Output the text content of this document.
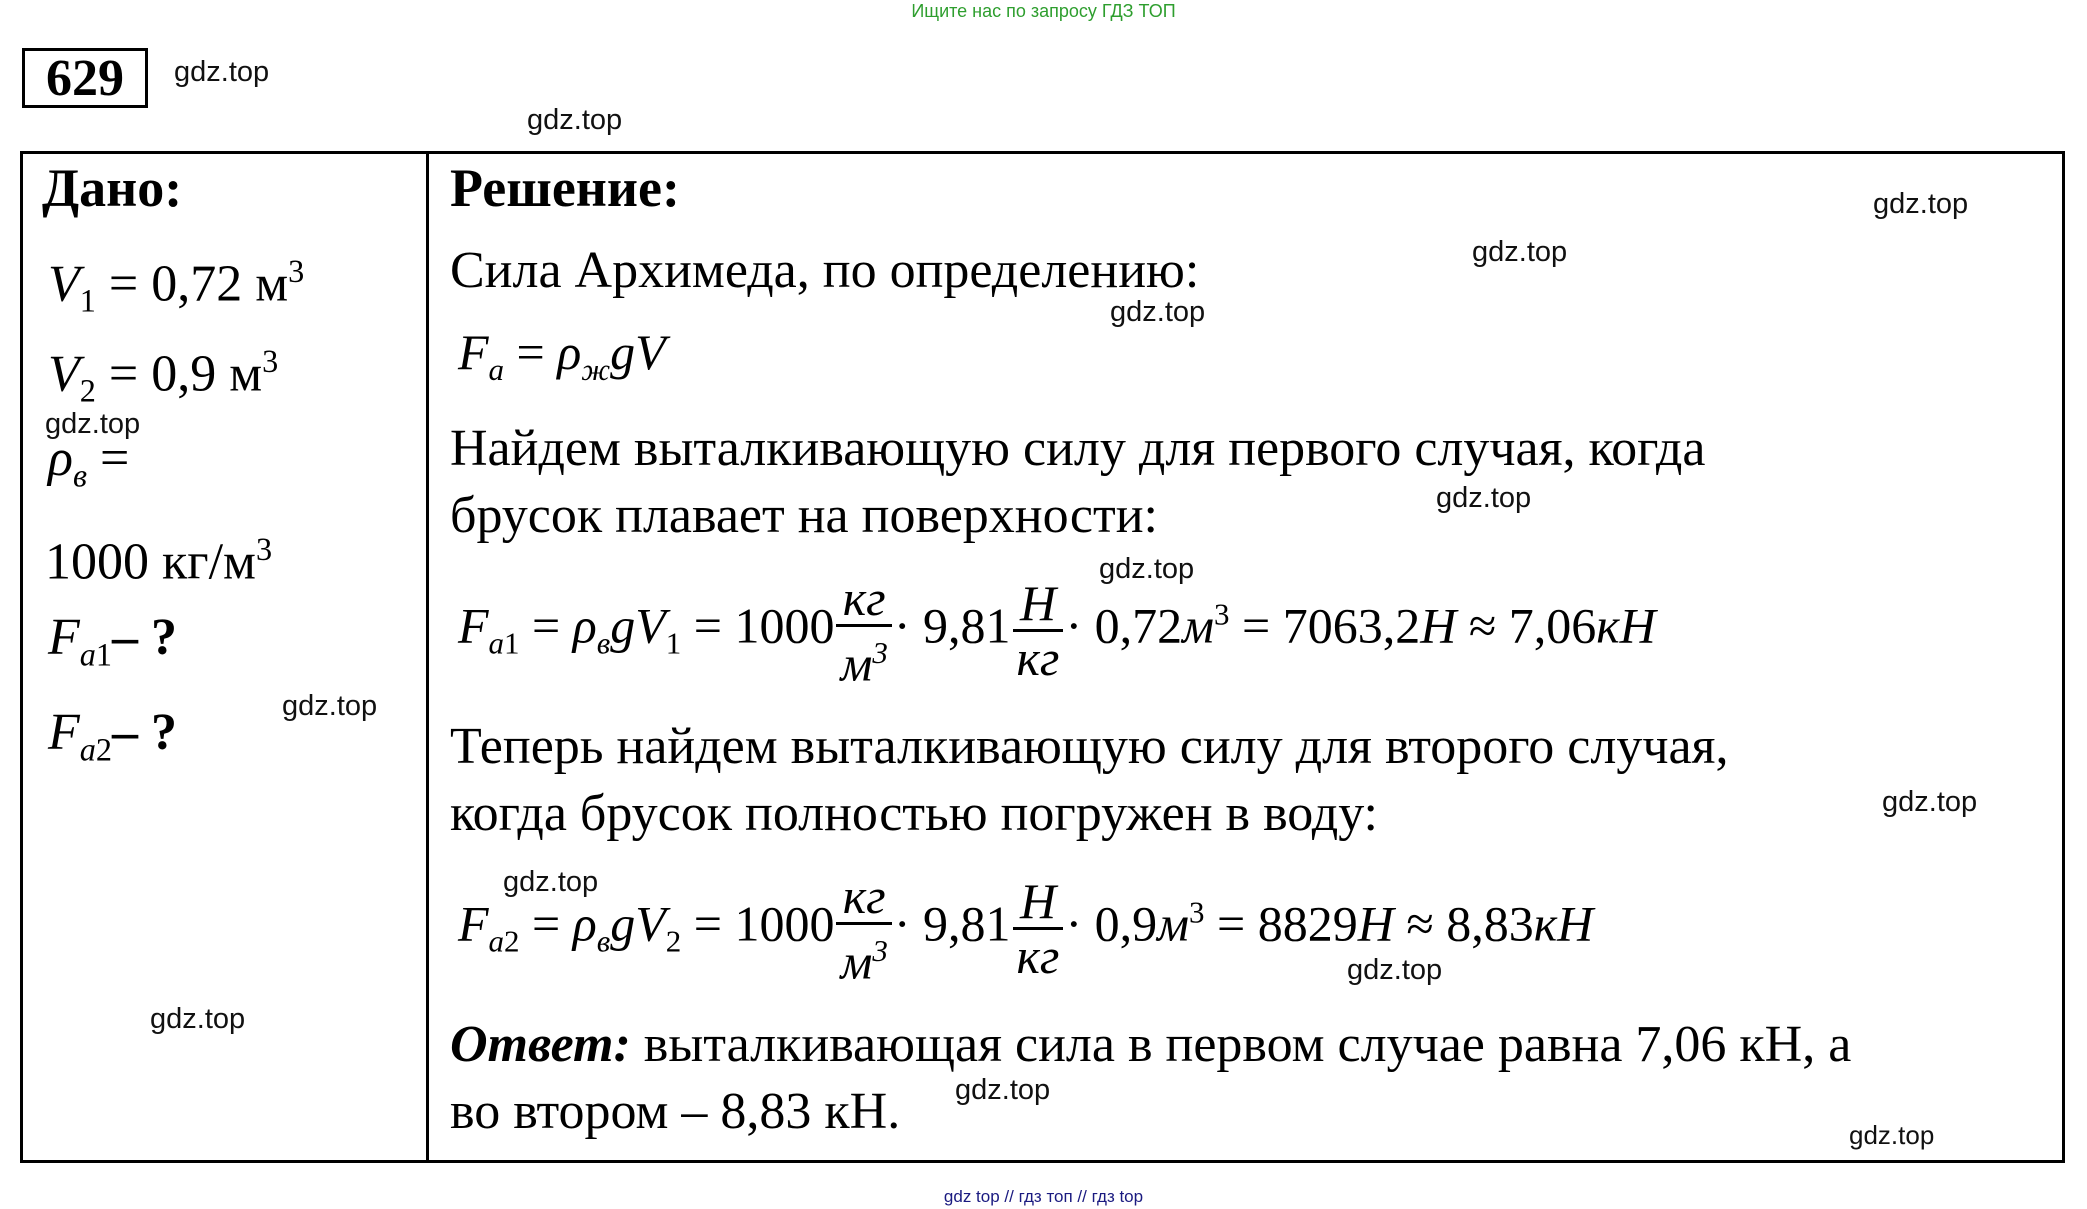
Ищите нас по запросу ГДЗ ТОП
629	gdz.top
gdz.top
gdz.top
gdz.top
gdz.top
gdz.top
gdz.top
gdz.top
gdz.top
gdz.top
gdz.top
gdz.top
gdz.top
gdz.top
gdz.top
Дано:
$V_1 = 0,72$ $м^3$
$V_2 = 0,9$ $м^3$
$\rho_в$ =
1000 $кг/м^3$
$F_{a1}-$ ?
$F_{a2}-$ ?
Решение:
Сила Архимеда, по определению:
$F_a = \rho_жgV$
Найдем выталкивающую силу для первого случая, когда
брусок плавает на поверхности:
$F_{a1} = \rho_вgV_1 = 1000 \frac{кг}{м^3} \cdot 9,81 \frac{Н}{кг} \cdot 0,72м^3 = 7063,2Н \approx 7,06кН$
Теперь найдем выталкивающую силу для второго случая,
когда брусок полностью погружен в воду:
$F_{a2} = \rho_вgV_2 = 1000 \frac{кг}{м^3} \cdot 9,81 \frac{Н}{кг} \cdot 0,9м^3 = 8829Н \approx 8,83кН$
Ответ: выталкивающая сила в первом случае равна 7,06 кН, а
во втором – 8,83 кН.
gdz top // гдз топ // гдз top
